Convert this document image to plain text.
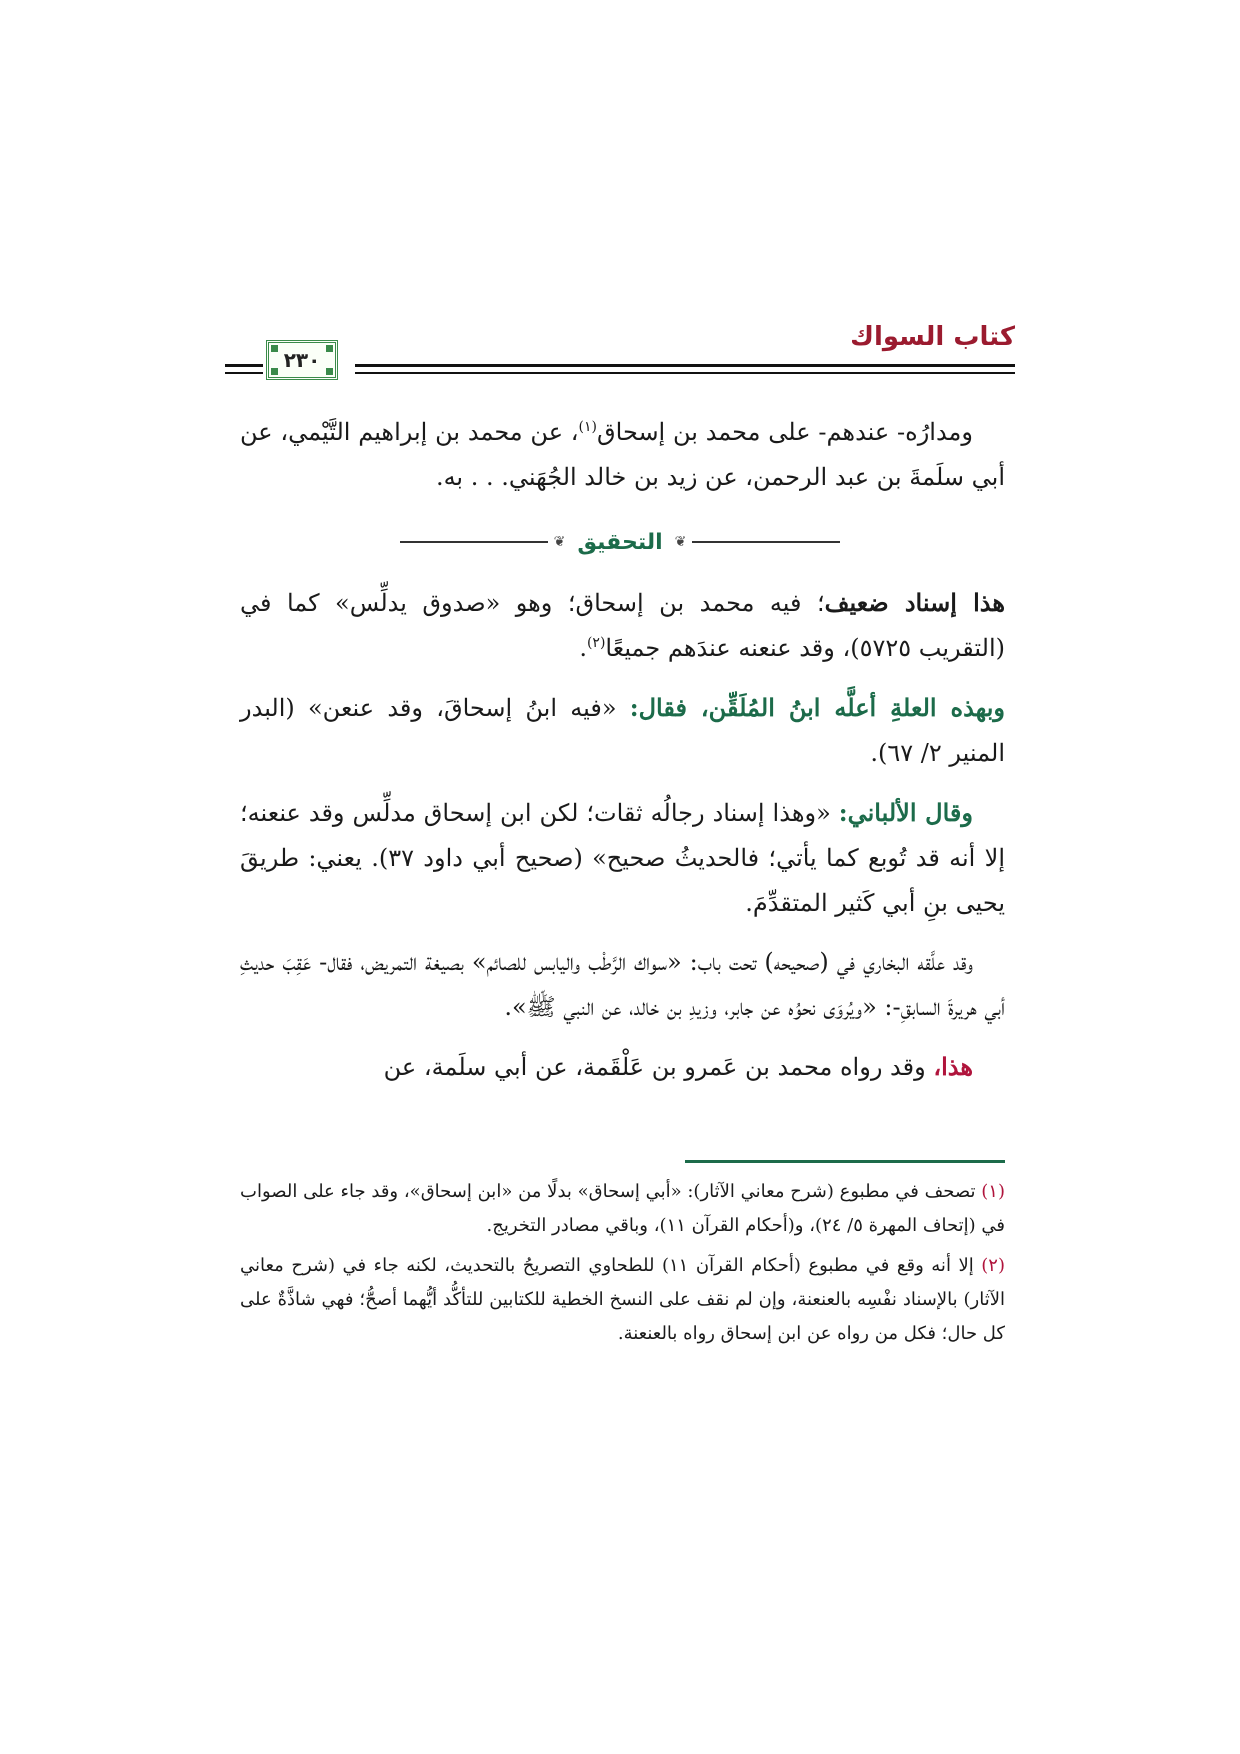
كتاب السواك
٢٣٠

ومدارُه- عندهم- على محمد بن إسحاق$^{(١)}$، عن محمد بن إبراهيم التَّيْمي، عن أبي سلَمةَ بن عبد الرحمن، عن زيد بن خالد الجُهَني. . . به.

❦
التحقيق
❦

هذا إسناد ضعيف؛ فيه محمد بن إسحاق؛ وهو «صدوق يدلِّس» كما في (التقريب ٥٧٢٥)، وقد عنعنه عندَهم جميعًا$^{(٢)}$.

وبهذه العلةِ أعلَّه ابنُ المُلَقِّن، فقال: «فيه ابنُ إسحاقَ، وقد عنعن» (البدر المنير ٢/ ٦٧).

وقال الألباني: «وهذا إسناد رجالُه ثقات؛ لكن ابن إسحاق مدلِّس وقد عنعنه؛ إلا أنه قد تُوبع كما يأتي؛ فالحديثُ صحيح» (صحيح أبي داود ٣٧). يعني: طريقَ يحيى بنِ أبي كَثير المتقدِّمَ.

وقد علَّقه البخاري في (صحيحه) تحت باب: «سواك الرَّطْب واليابس للصائم» بصيغة التمريض، فقال- عَقِبَ حديثِ أبي هريرةَ السابقِ-: «ويُروَى نحوُه عن جابر، وزيدِ بن خالد، عن النبي ﷺ».

هذا، وقد رواه محمد بن عَمرو بن عَلْقَمة، عن أبي سلَمة، عن

(١) تصحف في مطبوع (شرح معاني الآثار): «أبي إسحاق» بدلًا من «ابن إسحاق»، وقد جاء على الصواب في (إتحاف المهرة ٥/ ٢٤)، و(أحكام القرآن ١١)، وباقي مصادر التخريج.

(٢) إلا أنه وقع في مطبوع (أحكام القرآن ١١) للطحاوي التصريحُ بالتحديث، لكنه جاء في (شرح معاني الآثار) بالإسناد نفْسِه بالعنعنة، وإن لم نقف على النسخ الخطية للكتابين للتأكُّد أيُّهما أصحُّ؛ فهي شاذَّةٌ على كل حال؛ فكل من رواه عن ابن إسحاق رواه بالعنعنة.
